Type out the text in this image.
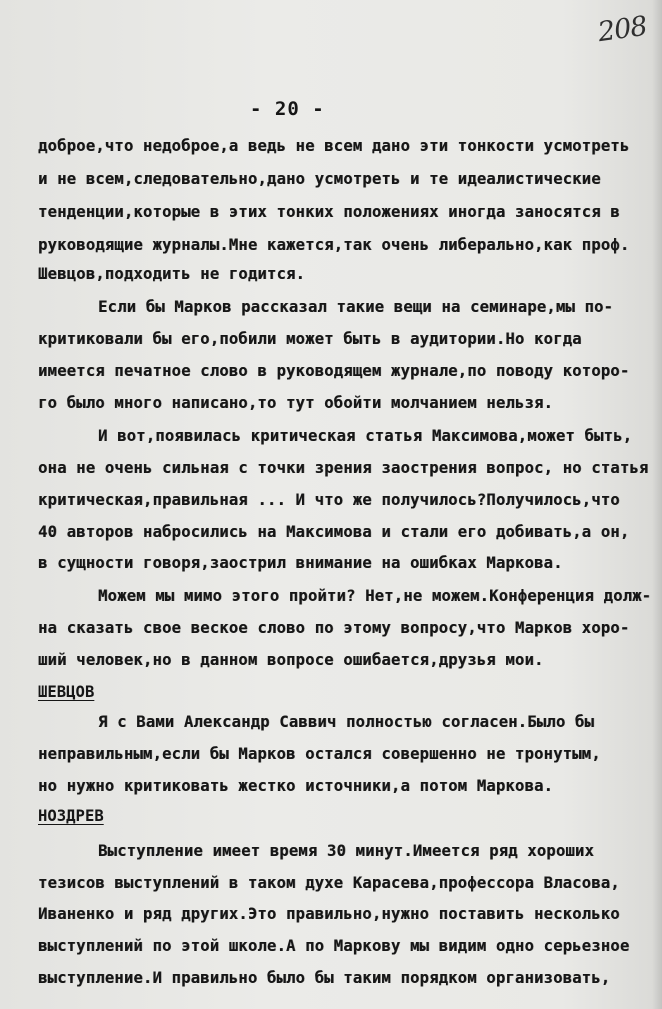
208
- 20 -
доброе,что недоброе,а ведь не всем дано эти тонкости усмотреть
и не всем,следовательно,дано усмотреть и те идеалистические
тенденции,которые в этих тонких положениях иногда заносятся в
руководящие журналы.Мне кажется,так очень либерально,как проф.
Шевцов,подходить не годится.
Если бы Марков рассказал такие вещи на семинаре,мы по-
критиковали бы его,побили может быть в аудитории.Но когда
имеется печатное слово в руководящем журнале,по поводу которо-
го было много написано,то тут обойти молчанием нельзя.
И вот,появилась критическая статья Максимова,может быть,
она не очень сильная с точки зрения заострения вопрос, но статья
критическая,правильная ... И что же получилось?Получилось,что
40 авторов набросились на Максимова и стали его добивать,а он,
в сущности говоря,заострил внимание на ошибках Маркова.
Можем мы мимо этого пройти? Нет,не можем.Конференция долж-
на сказать свое веское слово по этому вопросу,что Марков хоро-
ший человек,но в данном вопросе ошибается,друзья мои.
ШЕВЦОВ
Я с Вами Александр Саввич полностью согласен.Было бы
неправильным,если бы Марков остался совершенно не тронутым,
но нужно критиковать жестко источники,а потом Маркова.
НОЗДРЕВ
Выступление имеет время 30 минут.Имеется ряд хороших
тезисов выступлений в таком духе Карасева,профессора Власова,
Иваненко и ряд других.Это правильно,нужно поставить несколько
выступлений по этой школе.А по Маркову мы видим одно серьезное
выступление.И правильно было бы таким порядком организовать,
